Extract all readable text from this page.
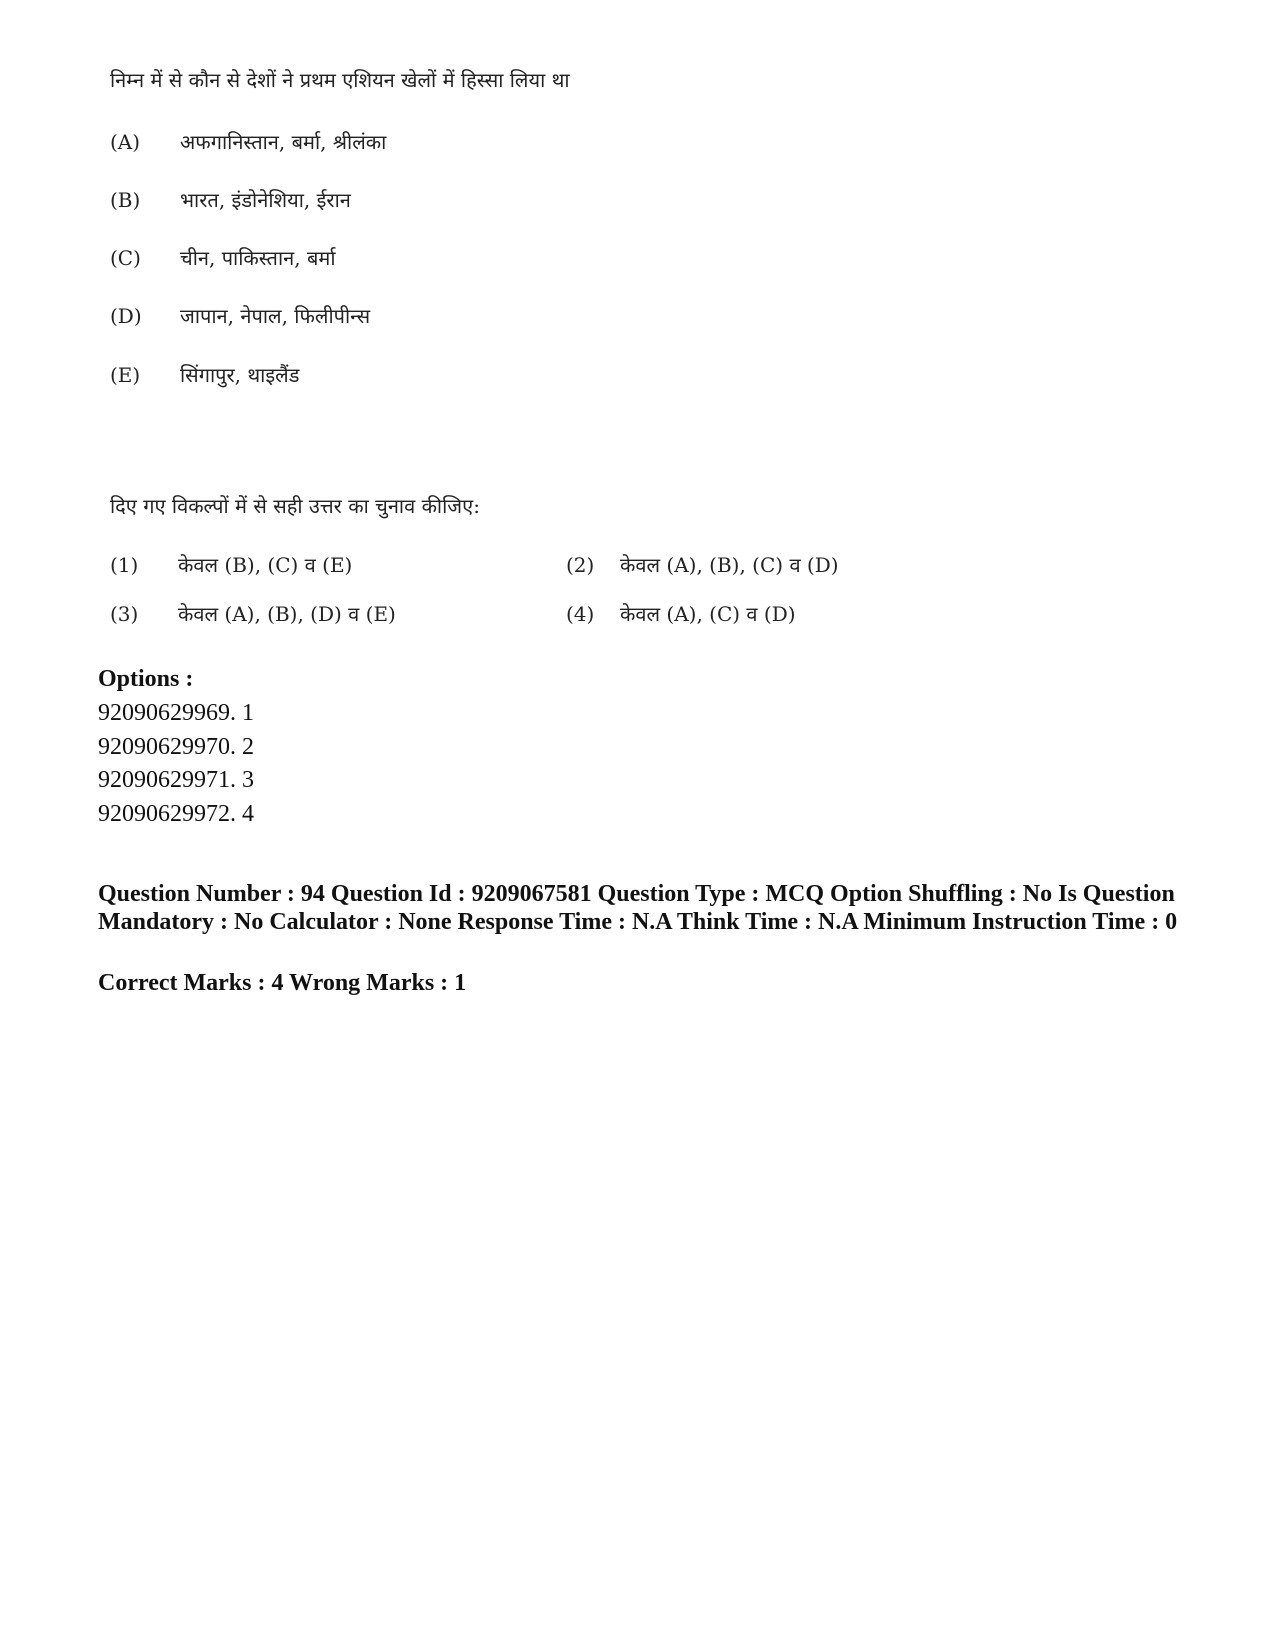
निम्न में से कौन से देशों ने प्रथम एशियन खेलों में हिस्सा लिया था
(A) अफगानिस्तान, बर्मा, श्रीलंका
(B) भारत, इंडोनेशिया, ईरान
(C) चीन, पाकिस्तान, बर्मा
(D) जापान, नेपाल, फिलीपीन्स
(E) सिंगापुर, थाइलैंड
दिए गए विकल्पों में से सही उत्तर का चुनाव कीजिए:
(1) केवल (B), (C) व (E)	(2) केवल (A), (B), (C) व (D)
(3) केवल (A), (B), (D) व (E)	(4) केवल (A), (C) व (D)
Options :
92090629969. 1
92090629970. 2
92090629971. 3
92090629972. 4
Question Number : 94 Question Id : 9209067581 Question Type : MCQ Option Shuffling : No Is Question Mandatory : No Calculator : None Response Time : N.A Think Time : N.A Minimum Instruction Time : 0
Correct Marks : 4 Wrong Marks : 1
